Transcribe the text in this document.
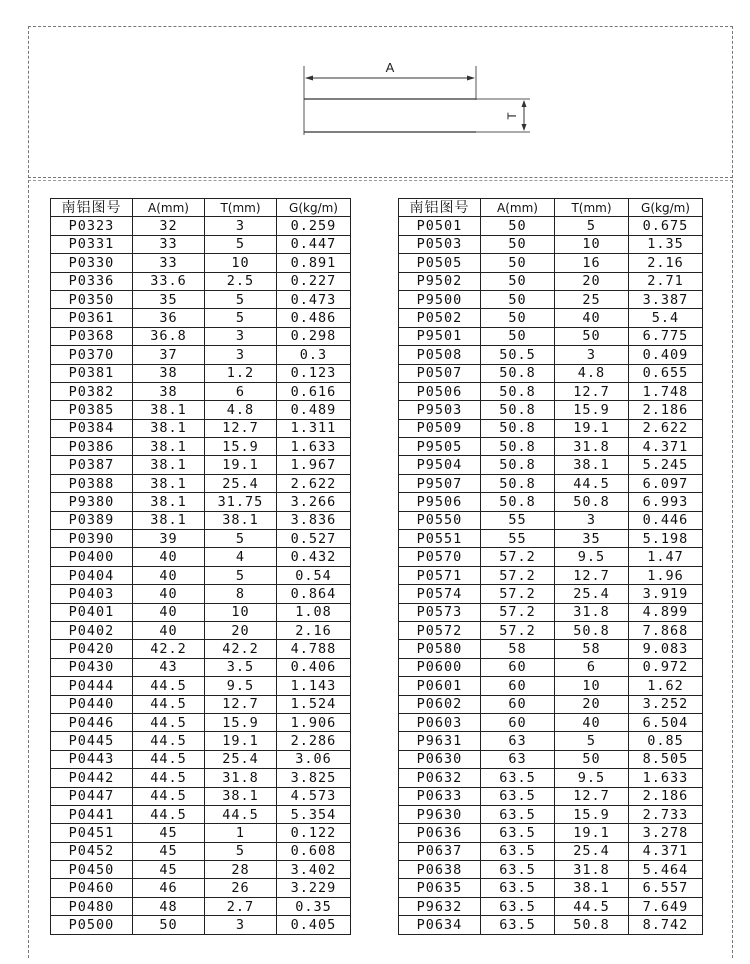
A
T
南铝图号	A(mm)	T(mm)	G(kg/m)
P0323	32	3	0.259
P0331	33	5	0.447
P0330	33	10	0.891
P0336	33.6	2.5	0.227
P0350	35	5	0.473
P0361	36	5	0.486
P0368	36.8	3	0.298
P0370	37	3	0.3
P0381	38	1.2	0.123
P0382	38	6	0.616
P0385	38.1	4.8	0.489
P0384	38.1	12.7	1.311
P0386	38.1	15.9	1.633
P0387	38.1	19.1	1.967
P0388	38.1	25.4	2.622
P9380	38.1	31.75	3.266
P0389	38.1	38.1	3.836
P0390	39	5	0.527
P0400	40	4	0.432
P0404	40	5	0.54
P0403	40	8	0.864
P0401	40	10	1.08
P0402	40	20	2.16
P0420	42.2	42.2	4.788
P0430	43	3.5	0.406
P0444	44.5	9.5	1.143
P0440	44.5	12.7	1.524
P0446	44.5	15.9	1.906
P0445	44.5	19.1	2.286
P0443	44.5	25.4	3.06
P0442	44.5	31.8	3.825
P0447	44.5	38.1	4.573
P0441	44.5	44.5	5.354
P0451	45	1	0.122
P0452	45	5	0.608
P0450	45	28	3.402
P0460	46	26	3.229
P0480	48	2.7	0.35
P0500	50	3	0.405
南铝图号	A(mm)	T(mm)	G(kg/m)
P0501	50	5	0.675
P0503	50	10	1.35
P0505	50	16	2.16
P9502	50	20	2.71
P9500	50	25	3.387
P0502	50	40	5.4
P9501	50	50	6.775
P0508	50.5	3	0.409
P0507	50.8	4.8	0.655
P0506	50.8	12.7	1.748
P9503	50.8	15.9	2.186
P0509	50.8	19.1	2.622
P9505	50.8	31.8	4.371
P9504	50.8	38.1	5.245
P9507	50.8	44.5	6.097
P9506	50.8	50.8	6.993
P0550	55	3	0.446
P0551	55	35	5.198
P0570	57.2	9.5	1.47
P0571	57.2	12.7	1.96
P0574	57.2	25.4	3.919
P0573	57.2	31.8	4.899
P0572	57.2	50.8	7.868
P0580	58	58	9.083
P0600	60	6	0.972
P0601	60	10	1.62
P0602	60	20	3.252
P0603	60	40	6.504
P9631	63	5	0.85
P0630	63	50	8.505
P0632	63.5	9.5	1.633
P0633	63.5	12.7	2.186
P9630	63.5	15.9	2.733
P0636	63.5	19.1	3.278
P0637	63.5	25.4	4.371
P0638	63.5	31.8	5.464
P0635	63.5	38.1	6.557
P9632	63.5	44.5	7.649
P0634	63.5	50.8	8.742
